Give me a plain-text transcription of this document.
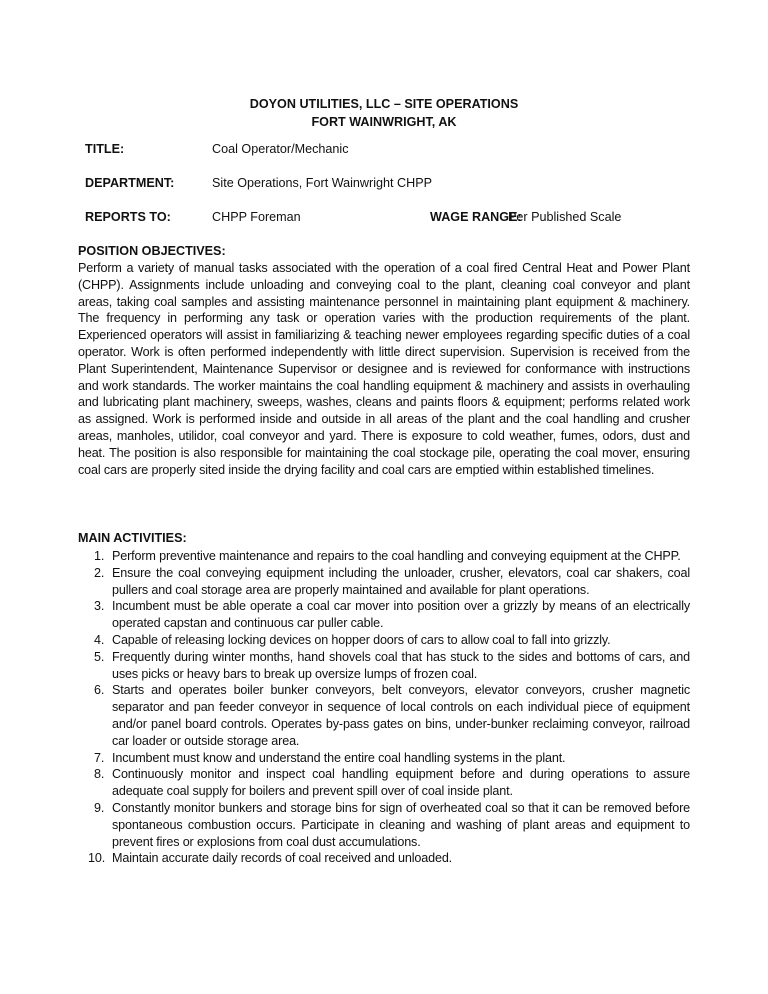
DOYON UTILITIES, LLC – SITE OPERATIONS
FORT WAINWRIGHT, AK
TITLE:	Coal Operator/Mechanic
DEPARTMENT:	Site Operations, Fort Wainwright CHPP
REPORTS TO:	CHPP Foreman	WAGE RANGE:
Per Published Scale
POSITION OBJECTIVES:
Perform a variety of manual tasks associated with the operation of a coal fired Central Heat and Power Plant (CHPP). Assignments include unloading and conveying coal to the plant, cleaning coal conveyor and plant areas, taking coal samples and assisting maintenance personnel in maintaining plant equipment & machinery. The frequency in performing any task or operation varies with the production requirements of the plant. Experienced operators will assist in familiarizing & teaching newer employees regarding specific duties of a coal operator. Work is often performed independently with little direct supervision. Supervision is received from the Plant Superintendent, Maintenance Supervisor or designee and is reviewed for conformance with instructions and work standards. The worker maintains the coal handling equipment & machinery and assists in overhauling and lubricating plant machinery, sweeps, washes, cleans and paints floors & equipment; performs related work as assigned. Work is performed inside and outside in all areas of the plant and the coal handling and crusher areas, manholes, utilidor, coal conveyor and yard. There is exposure to cold weather, fumes, odors, dust and heat. The position is also responsible for maintaining the coal stockage pile, operating the coal mover, ensuring coal cars are properly sited inside the drying facility and coal cars are emptied within established timelines.
MAIN ACTIVITIES:
1. Perform preventive maintenance and repairs to the coal handling and conveying equipment at the CHPP.
2. Ensure the coal conveying equipment including the unloader, crusher, elevators, coal car shakers, coal pullers and coal storage area are properly maintained and available for plant operations.
3. Incumbent must be able operate a coal car mover into position over a grizzly by means of an electrically operated capstan and continuous car puller cable.
4. Capable of releasing locking devices on hopper doors of cars to allow coal to fall into grizzly.
5. Frequently during winter months, hand shovels coal that has stuck to the sides and bottoms of cars, and uses picks or heavy bars to break up oversize lumps of frozen coal.
6. Starts and operates boiler bunker conveyors, belt conveyors, elevator conveyors, crusher magnetic separator and pan feeder conveyor in sequence of local controls on each individual piece of equipment and/or panel board controls. Operates by-pass gates on bins, under-bunker reclaiming conveyor, railroad car loader or outside storage area.
7. Incumbent must know and understand the entire coal handling systems in the plant.
8. Continuously monitor and inspect coal handling equipment before and during operations to assure adequate coal supply for boilers and prevent spill over of coal inside plant.
9. Constantly monitor bunkers and storage bins for sign of overheated coal so that it can be removed before spontaneous combustion occurs. Participate in cleaning and washing of plant areas and equipment to prevent fires or explosions from coal dust accumulations.
10. Maintain accurate daily records of coal received and unloaded.
